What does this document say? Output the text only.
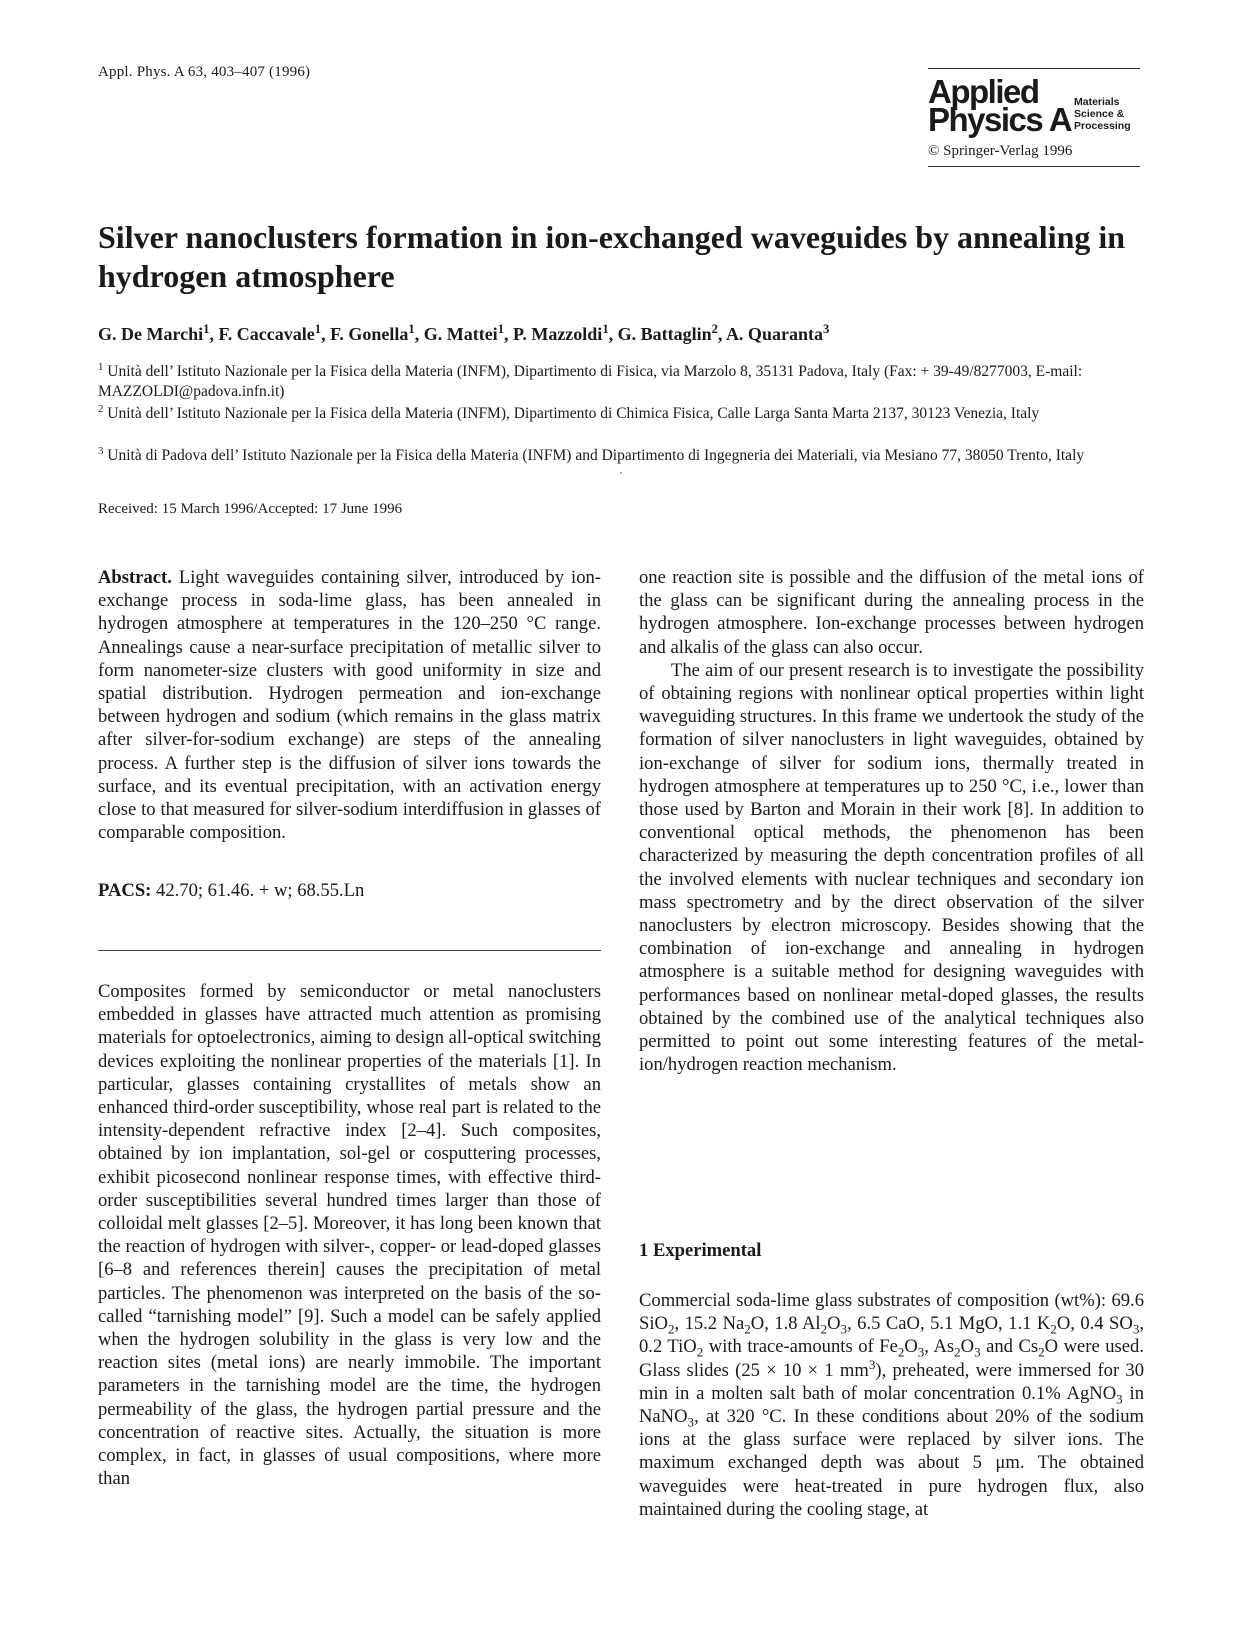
Appl. Phys. A 63, 403–407 (1996)
Applied
Physics A Materials
Science &
Processing
© Springer-Verlag 1996
Silver nanoclusters formation in ion-exchanged waveguides by annealing in hydrogen atmosphere
G. De Marchi$^1$, F. Caccavale$^1$, F. Gonella$^1$, G. Mattei$^1$, P. Mazzoldi$^1$, G. Battaglin$^2$, A. Quaranta$^3$
$^1$ Unità dell’ Istituto Nazionale per la Fisica della Materia (INFM), Dipartimento di Fisica, via Marzolo 8, 35131 Padova, Italy (Fax: + 39-49/8277003, E-mail: MAZZOLDI@padova.infn.it)
$^2$ Unità dell’ Istituto Nazionale per la Fisica della Materia (INFM), Dipartimento di Chimica Fisica, Calle Larga Santa Marta 2137, 30123 Venezia, Italy
$^3$ Unità di Padova dell’ Istituto Nazionale per la Fisica della Materia (INFM) and Dipartimento di Ingegneria dei Materiali, via Mesiano 77, 38050 Trento, Italy
Received: 15 March 1996/Accepted: 17 June 1996

Abstract. Light waveguides containing silver, introduced by ion-exchange process in soda-lime glass, has been annealed in hydrogen atmosphere at temperatures in the 120–250 °C range. Annealings cause a near-surface precipitation of metallic silver to form nanometer-size clusters with good uniformity in size and spatial distribution. Hydrogen permeation and ion-exchange between hydrogen and sodium (which remains in the glass matrix after silver-for-sodium exchange) are steps of the annealing process. A further step is the diffusion of silver ions towards the surface, and its eventual precipitation, with an activation energy close to that measured for silver-sodium interdiffusion in glasses of comparable composition.

PACS: 42.70; 61.46. + w; 68.55.Ln

Composites formed by semiconductor or metal nanoclusters embedded in glasses have attracted much attention as promising materials for optoelectronics, aiming to design all-optical switching devices exploiting the nonlinear properties of the materials [1]. In particular, glasses containing crystallites of metals show an enhanced third-order susceptibility, whose real part is related to the intensity-dependent refractive index [2–4]. Such composites, obtained by ion implantation, sol-gel or cosputtering processes, exhibit picosecond nonlinear response times, with effective third-order susceptibilities several hundred times larger than those of colloidal melt glasses [2–5]. Moreover, it has long been known that the reaction of hydrogen with silver-, copper- or lead-doped glasses [6–8 and references therein] causes the precipitation of metal particles. The phenomenon was interpreted on the basis of the so-called “tarnishing model” [9]. Such a model can be safely applied when the hydrogen solubility in the glass is very low and the reaction sites (metal ions) are nearly immobile. The important parameters in the tarnishing model are the time, the hydrogen permeability of the glass, the hydrogen partial pressure and the concentration of reactive sites. Actually, the situation is more complex, in fact, in glasses of usual compositions, where more than

one reaction site is possible and the diffusion of the metal ions of the glass can be significant during the annealing process in the hydrogen atmosphere. Ion-exchange processes between hydrogen and alkalis of the glass can also occur.

The aim of our present research is to investigate the possibility of obtaining regions with nonlinear optical properties within light waveguiding structures. In this frame we undertook the study of the formation of silver nanoclusters in light waveguides, obtained by ion-exchange of silver for sodium ions, thermally treated in hydrogen atmosphere at temperatures up to 250 °C, i.e., lower than those used by Barton and Morain in their work [8]. In addition to conventional optical methods, the phenomenon has been characterized by measuring the depth concentration profiles of all the involved elements with nuclear techniques and secondary ion mass spectrometry and by the direct observation of the silver nanoclusters by electron microscopy. Besides showing that the combination of ion-exchange and annealing in hydrogen atmosphere is a suitable method for designing waveguides with performances based on nonlinear metal-doped glasses, the results obtained by the combined use of the analytical techniques also permitted to point out some interesting features of the metal-ion/hydrogen reaction mechanism.

1 Experimental

Commercial soda-lime glass substrates of composition (wt%): 69.6 SiO$_2$, 15.2 $Na_2O$, 1.8 $Al_2O_3$, 6.5 CaO, 5.1 MgO, 1.1 $K_2O$, 0.4 $SO_3$, 0.2 TiO$_2$ with trace-amounts of $Fe_2O_3$, $As_2O_3$ and $Cs_2O$ were used. Glass slides (25 × 10 × 1 $mm^3$), preheated, were immersed for 30 min in a molten salt bath of molar concentration 0.1% AgNO$_3$ in NaNO$_3$, at 320 °C. In these conditions about 20% of the sodium ions at the glass surface were replaced by silver ions. The maximum exchanged depth was about 5 μm. The obtained waveguides were heat-treated in pure hydrogen flux, also maintained during the cooling stage, at
